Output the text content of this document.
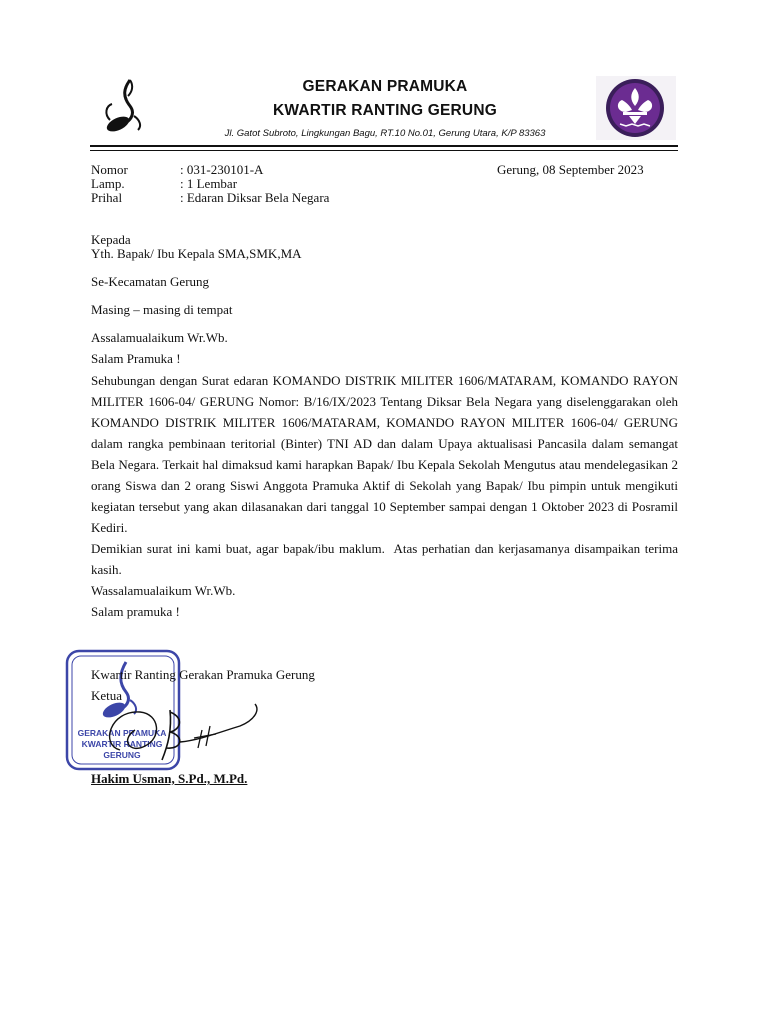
GERAKAN PRAMUKA
KWARTIR RANTING GERUNG
Jl. Gatot Subroto, Lingkungan Bagu, RT.10 No.01, Gerung Utara, K/P 83363
Nomor	: 031-230101-A	Gerung, 08 September 2023
Lamp.	: 1 Lembar
Prihal	: Edaran Diksar Bela Negara
Kepada
Yth. Bapak/ Ibu Kepala SMA,SMK,MA
Se-Kecamatan Gerung
Masing – masing di tempat
Assalamualaikum Wr.Wb.
Salam Pramuka !

Sehubungan dengan Surat edaran KOMANDO DISTRIK MILITER 1606/MATARAM, KOMANDO RAYON MILITER 1606-04/ GERUNG Nomor: B/16/IX/2023 Tentang Diksar Bela Negara yang diselenggarakan oleh KOMANDO DISTRIK MILITER 1606/MATARAM, KOMANDO RAYON MILITER 1606-04/ GERUNG dalam rangka pembinaan teritorial (Binter) TNI AD dan dalam Upaya aktualisasi Pancasila dalam semangat Bela Negara. Terkait hal dimaksud kami harapkan Bapak/ Ibu Kepala Sekolah Mengutus atau mendelegasikan 2 orang Siswa dan 2 orang Siswi Anggota Pramuka Aktif di Sekolah yang Bapak/ Ibu pimpin untuk mengikuti kegiatan tersebut yang akan dilasanakan dari tanggal 10 September sampai dengan 1 Oktober 2023 di Posramil Kediri.

Demikian surat ini kami buat, agar bapak/ibu maklum.  Atas perhatian dan kerjasamanya disampaikan terima kasih.

Wassalamualaikum Wr.Wb.

Salam pramuka !

GERAKAN PRAMUKA
KWARTIR RANTING
GERUNG
Kwartir Ranting Gerakan Pramuka Gerung
Ketua
Hakim Usman, S.Pd., M.Pd.
